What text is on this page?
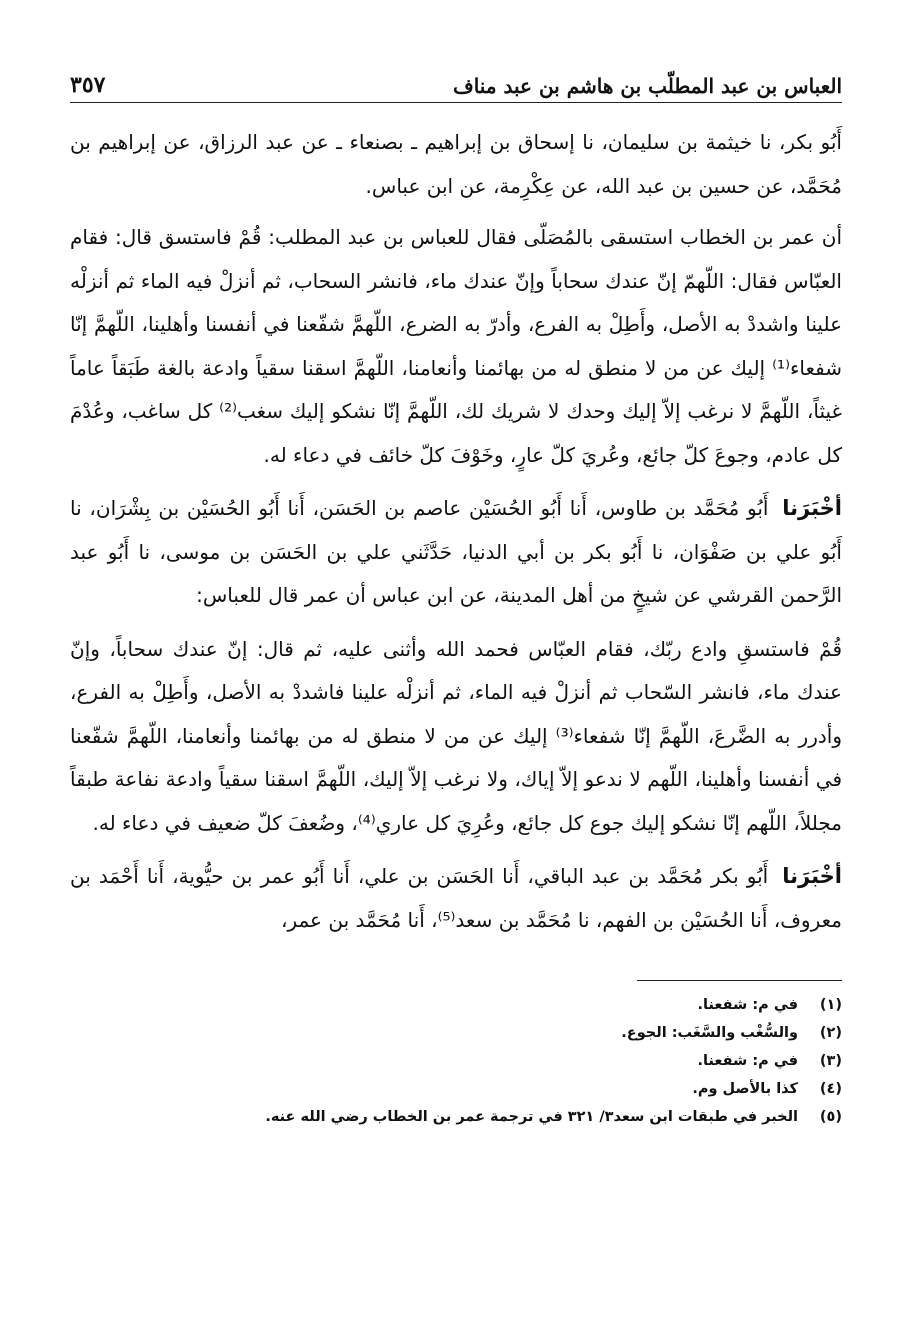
العباس بن عبد المطلّب بن هاشم بن عبد مناف
٣٥٧

أَبُو بكر، نا خيثمة بن سليمان، نا إسحاق بن إبراهيم ـ بصنعاء ـ عن عبد الرزاق، عن إبراهيم بن مُحَمَّد، عن حسين بن عبد الله، عن عِكْرِمة، عن ابن عباس.

أن عمر بن الخطاب استسقى بالمُصَلّى فقال للعباس بن عبد المطلب: قُمْ فاستسق قال: فقام العبّاس فقال: اللّهمّ إنّ عندك سحاباً وإنّ عندك ماء، فانشر السحاب، ثم أنزلْ فيه الماء ثم أنزلْه علينا واشددْ به الأصل، وأَطِلْ به الفرع، وأدرّ به الضرع، اللّهمَّ شفّعنا في أنفسنا وأهلينا، اللّهمَّ إنّا شفعاء⁽¹⁾ إليك عن من لا منطق له من بهائمنا وأنعامنا، اللّهمَّ اسقنا سقياً وادعة بالغة طَبَقاً عاماً غيثاً، اللّهمَّ لا نرغب إلاّ إليك وحدك لا شريك لك، اللّهمَّ إنّا نشكو إليك سغب⁽²⁾ كل ساغب، وعُدْمَ كل عادم، وجوعَ كلّ جائع، وعُريَ كلّ عارٍ، وخَوْفَ كلّ خائف في دعاء له.

أخْبَرَنا أَبُو مُحَمَّد بن طاوس، أَنا أَبُو الحُسَيْن عاصم بن الحَسَن، أَنا أَبُو الحُسَيْن بن بِشْرَان، نا أَبُو علي بن صَفْوَان، نا أَبُو بكر بن أبي الدنيا، حَدَّثَني علي بن الحَسَن بن موسى، نا أَبُو عبد الرَّحمن القرشي عن شيخٍ من أهل المدينة، عن ابن عباس أن عمر قال للعباس:

قُمْ فاستسقِ وادع ربّك، فقام العبّاس فحمد الله وأثنى عليه، ثم قال: إنّ عندك سحاباً، وإنّ عندك ماء، فانشر السّحاب ثم أنزلْ فيه الماء، ثم أنزلْه علينا فاشددْ به الأصل، وأَطِلْ به الفرع، وأدرر به الضَّرعَ، اللّهمَّ إنّا شفعاء⁽³⁾ إليك عن من لا منطق له من بهائمنا وأنعامنا، اللّهمَّ شفّعنا في أنفسنا وأهلينا، اللّهم لا ندعو إلاّ إياك، ولا نرغب إلاّ إليك، اللّهمَّ اسقنا سقياً وادعة نفاعة طبقاً مجللاً، اللّهم إنّا نشكو إليك جوع كل جائع، وعُرِيَ كل عاري⁽⁴⁾، وضُعفَ كلّ ضعيف في دعاء له.

أخْبَرَنا أَبُو بكر مُحَمَّد بن عبد الباقي، أَنا الحَسَن بن علي، أَنا أَبُو عمر بن حيُّوية، أَنا أَحْمَد بن معروف، أَنا الحُسَيْن بن الفهم، نا مُحَمَّد بن سعد⁽⁵⁾، أَنا مُحَمَّد بن عمر،

(١)
في م: شفعنا.
(٢)
والسُّغْب والسَّغَب: الجوع.
(٣)
في م: شفعنا.
(٤)
كذا بالأصل وم.
(٥)
الخبر في طبقات ابن سعد٣/ ٣٢١ في ترجمة عمر بن الخطاب رضي الله عنه.
